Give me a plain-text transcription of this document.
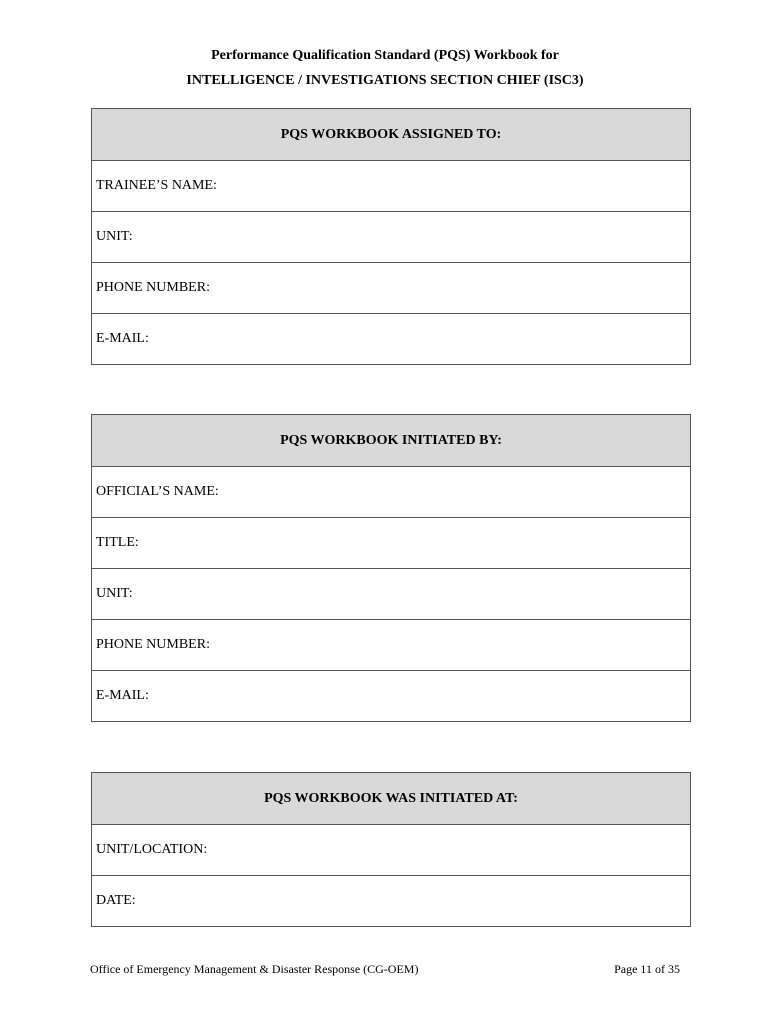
Performance Qualification Standard (PQS) Workbook for
INTELLIGENCE / INVESTIGATIONS SECTION CHIEF (ISC3)
PQS WORKBOOK ASSIGNED TO:
TRAINEE’S NAME:
UNIT:
PHONE NUMBER:
E-MAIL:
PQS WORKBOOK INITIATED BY:
OFFICIAL’S NAME:
TITLE:
UNIT:
PHONE NUMBER:
E-MAIL:
PQS WORKBOOK WAS INITIATED AT:
UNIT/LOCATION:
DATE:
Office of Emergency Management & Disaster Response (CG-OEM)	Page 11 of 35
